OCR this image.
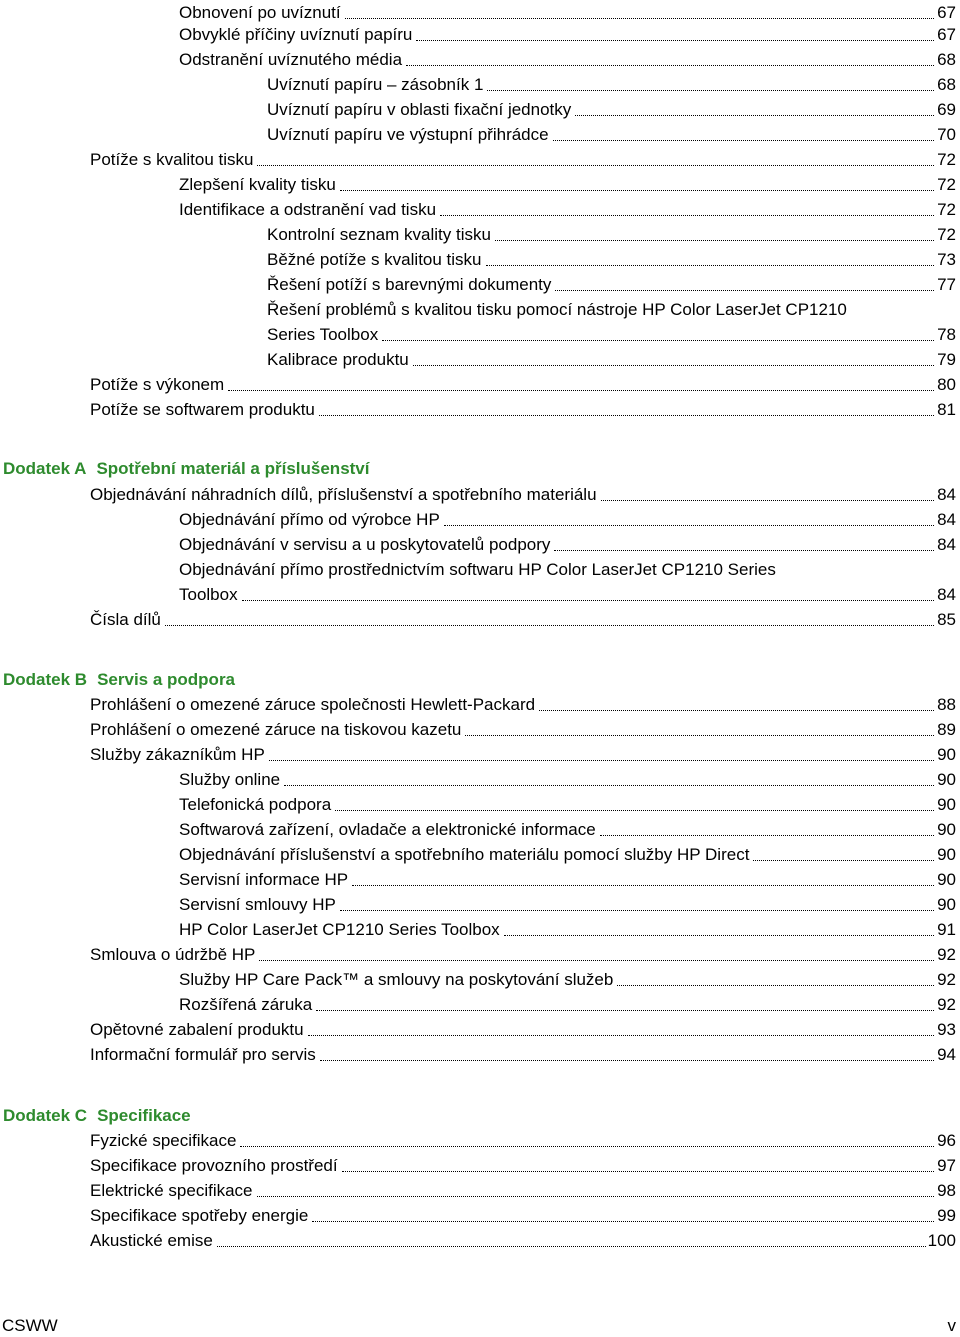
Obnovení po uvíznutí	67
Obvyklé příčiny uvíznutí papíru	67
Odstranění uvíznutého média	68
Uvíznutí papíru – zásobník 1	68
Uvíznutí papíru v oblasti fixační jednotky	69
Uvíznutí papíru ve výstupní přihrádce	70
Potíže s kvalitou tisku	72
Zlepšení kvality tisku	72
Identifikace a odstranění vad tisku	72
Kontrolní seznam kvality tisku	72
Běžné potíže s kvalitou tisku	73
Řešení potíží s barevnými dokumenty	77
Řešení problémů s kvalitou tisku pomocí nástroje HP Color LaserJet CP1210
Series Toolbox	78
Kalibrace produktu	79
Potíže s výkonem	80
Potíže se softwarem produktu	81
Dodatek A Spotřební materiál a příslušenství
Objednávání náhradních dílů, příslušenství a spotřebního materiálu	84
Objednávání přímo od výrobce HP	84
Objednávání v servisu a u poskytovatelů podpory	84
Objednávání přímo prostřednictvím softwaru HP Color LaserJet CP1210 Series
Toolbox	84
Čísla dílů	85
Dodatek B Servis a podpora
Prohlášení o omezené záruce společnosti Hewlett-Packard	88
Prohlášení o omezené záruce na tiskovou kazetu	89
Služby zákazníkům HP	90
Služby online	90
Telefonická podpora	90
Softwarová zařízení, ovladače a elektronické informace	90
Objednávání příslušenství a spotřebního materiálu pomocí služby HP Direct	90
Servisní informace HP	90
Servisní smlouvy HP	90
HP Color LaserJet CP1210 Series Toolbox	91
Smlouva o údržbě HP	92
Služby HP Care Pack™ a smlouvy na poskytování služeb	92
Rozšířená záruka	92
Opětovné zabalení produktu	93
Informační formulář pro servis	94
Dodatek C Specifikace
Fyzické specifikace	96
Specifikace provozního prostředí	97
Elektrické specifikace	98
Specifikace spotřeby energie	99
Akustické emise	100
CSWW	v
